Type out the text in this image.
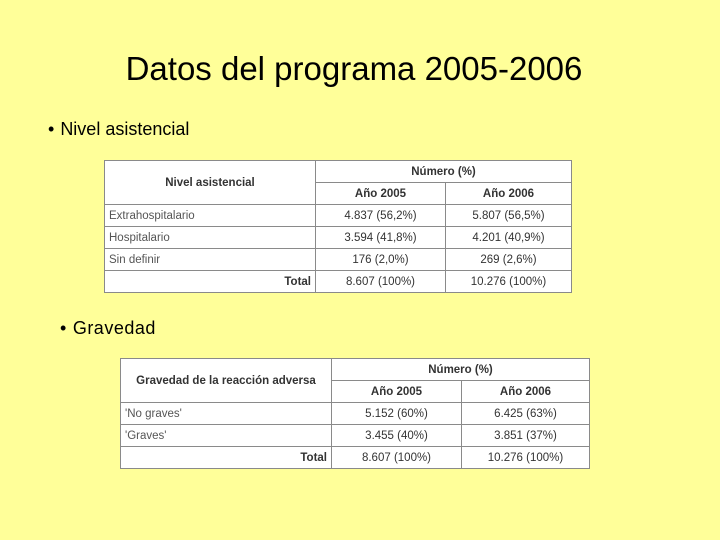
Datos del programa 2005-2006
• Nivel asistencial
Nivel asistencial	Número (%)	
	Año 2005	Año 2006
Extrahospitalario	4.837 (56,2%)	5.807 (56,5%)
Hospitalario	3.594 (41,8%)	4.201 (40,9%)
Sin definir	176 (2,0%)	269 (2,6%)
Total	8.607 (100%)	10.276 (100%)
• Gravedad
Gravedad de la reacción adversa	Número (%)	
	Año 2005	Año 2006
'No graves'	5.152 (60%)	6.425 (63%)
'Graves'	3.455 (40%)	3.851 (37%)
Total	8.607 (100%)	10.276 (100%)
